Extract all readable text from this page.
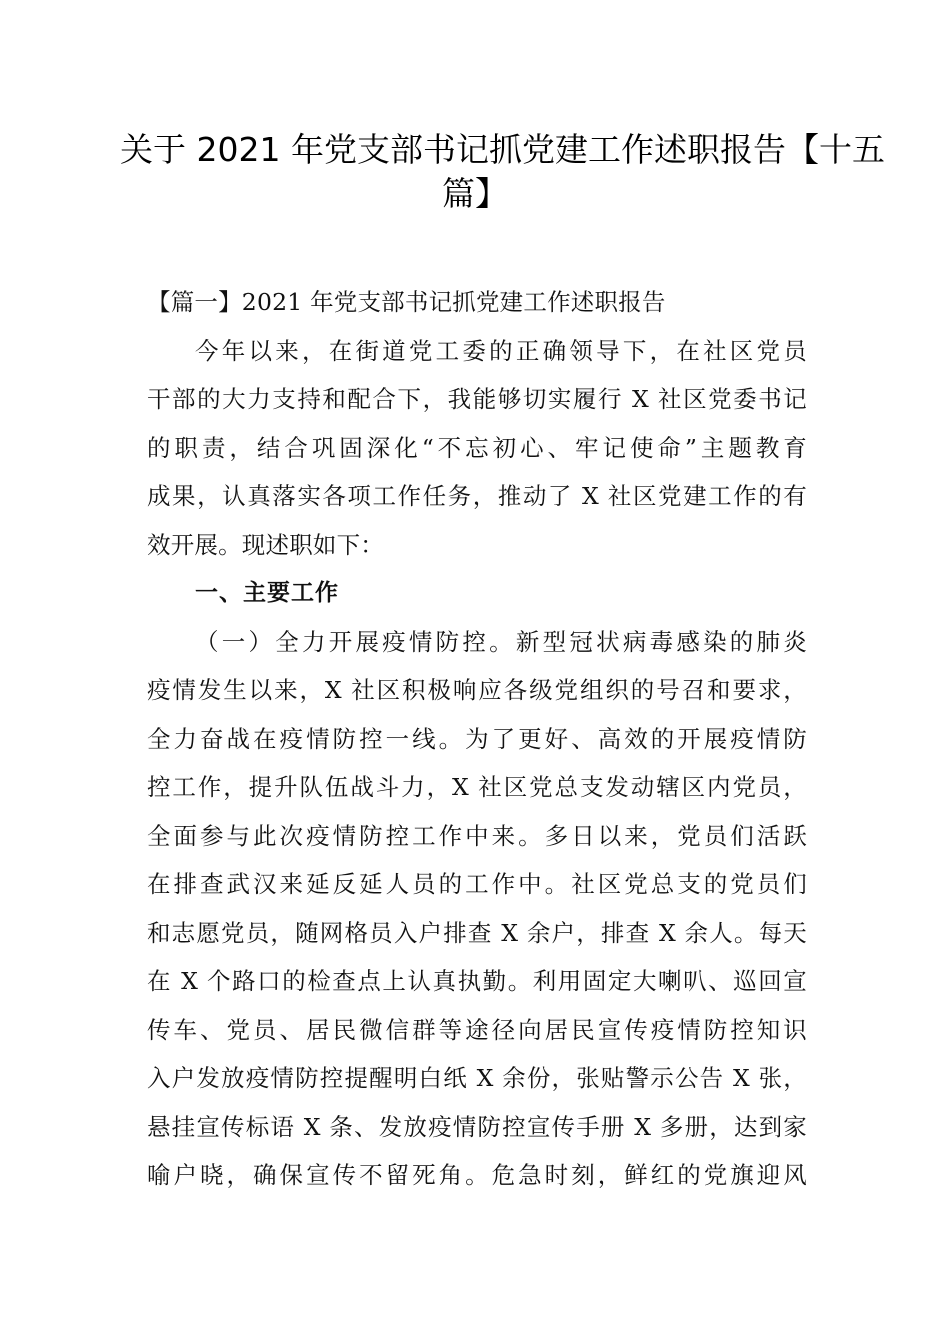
关于 2021 年党支部书记抓党建工作述职报告【十五
篇】
【篇一】2021 年党支部书记抓党建工作述职报告
今年以来，在街道党工委的正确领导下，在社区党员
干部的大力支持和配合下，我能够切实履行 X 社区党委书记
的职责，结合巩固深化“不忘初心、牢记使命”主题教育
成果，认真落实各项工作任务，推动了 X 社区党建工作的有
效开展。现述职如下：
一、主要工作
（一）全力开展疫情防控。新型冠状病毒感染的肺炎
疫情发生以来，X 社区积极响应各级党组织的号召和要求，
全力奋战在疫情防控一线。为了更好、高效的开展疫情防
控工作，提升队伍战斗力，X 社区党总支发动辖区内党员，
全面参与此次疫情防控工作中来。多日以来，党员们活跃
在排查武汉来延反延人员的工作中。社区党总支的党员们
和志愿党员，随网格员入户排查 X 余户，排查 X 余人。每天
在 X 个路口的检查点上认真执勤。利用固定大喇叭、巡回宣
传车、党员、居民微信群等途径向居民宣传疫情防控知识
入户发放疫情防控提醒明白纸 X 余份，张贴警示公告 X 张，
悬挂宣传标语 X 条、发放疫情防控宣传手册 X 多册，达到家
喻户晓，确保宣传不留死角。危急时刻，鲜红的党旗迎风
